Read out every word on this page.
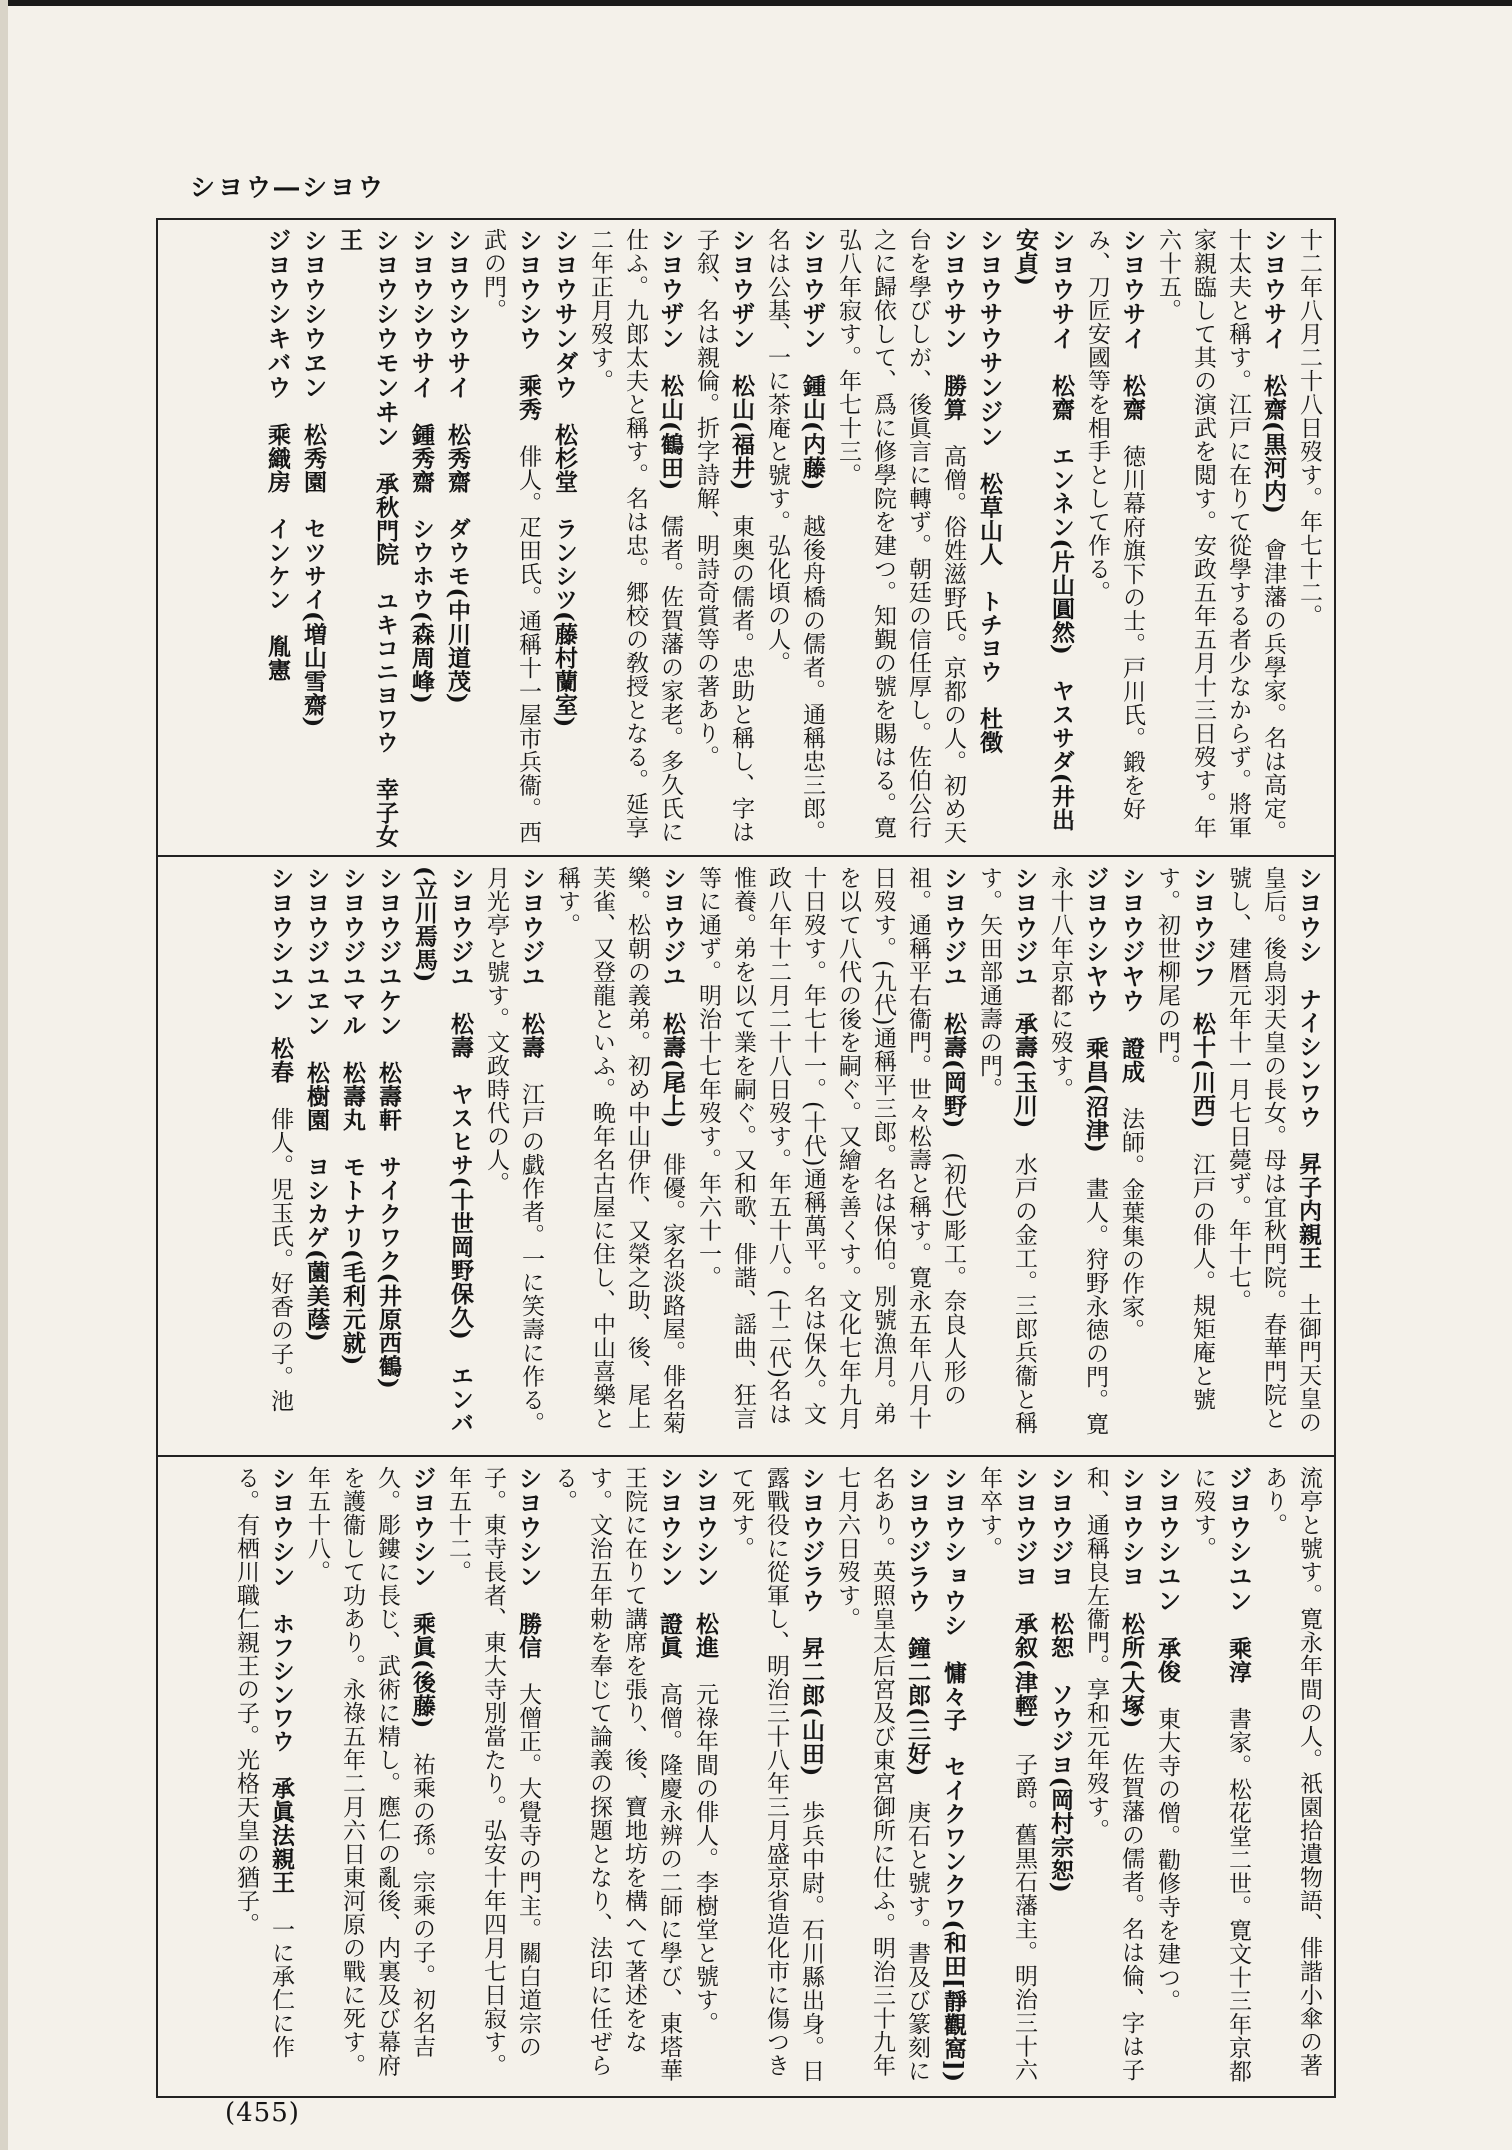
シヨウ―シヨウ

十二年八月二十八日歿す。年七十二。

シヨウサイ　松齋(黒河内)　會津藩の兵學家。名は高定。十太夫と稱す。江戸に在りて從學する者少なからず。將軍家親臨して其の演武を閲す。安政五年五月十三日歿す。年六十五。

シヨウサイ　松齋　徳川幕府旗下の士。戸川氏。鍛を好み、刀匠安國等を相手として作る。

シヨウサイ　松齋　エンネン(片山圓然)　ヤスサダ(井出安貞)　

シヨウサウサンジン　松草山人　トチヨウ　杜徴　

シヨウサン　勝算　高僧。俗姓滋野氏。京都の人。初め天台を學びしが、後眞言に轉ず。朝廷の信任厚し。佐伯公行之に歸依して、爲に修學院を建つ。知覲の號を賜はる。寛弘八年寂す。年七十三。

シヨウザン　鍾山(内藤)　越後舟橋の儒者。通稱忠三郎。名は公基、一に茶庵と號す。弘化頃の人。

シヨウザン　松山(福井)　東奥の儒者。忠助と稱し、字は子叙、名は親倫。折字詩解、明詩奇賞等の著あり。

シヨウザン　松山(鶴田)　儒者。佐賀藩の家老。多久氏に仕ふ。九郎太夫と稱す。名は忠。郷校の敎授となる。延享二年正月歿す。

シヨウサンダウ　松杉堂　ランシツ(藤村蘭室)　

シヨウシウ　乘秀　俳人。疋田氏。通稱十一屋市兵衞。西武の門。

シヨウシウサイ　松秀齋　ダウモ(中川道茂)　

シヨウシウサイ　鍾秀齋　シウホウ(森周峰)　

シヨウシウモンヰン　承秋門院　ユキコニヨワウ　幸子女王　

シヨウシウヱン　松秀園　セツサイ(増山雪齋)　

ジヨウシキバウ　乘織房　インケン　胤憲　

シヨウシ　ナイシンワウ　昇子内親王　土御門天皇の皇后。後鳥羽天皇の長女。母は宜秋門院。春華門院と號し、建暦元年十一月七日薨ず。年十七。

シヨウジフ　松十(川西)　江戸の俳人。規矩庵と號す。初世柳尾の門。

シヨウジヤウ　證成　法師。金葉集の作家。

ジヨウシヤウ　乘昌(沼津)　畫人。狩野永徳の門。寛永十八年京都に歿す。

シヨウジユ　承壽(玉川)　水戸の金工。三郎兵衞と稱す。矢田部通壽の門。

シヨウジユ　松壽(岡野)　(初代)彫工。奈良人形の祖。通稱平右衞門。世々松壽と稱す。寛永五年八月十日歿す。(九代)通稱平三郎。名は保伯。別號漁月。弟を以て八代の後を嗣ぐ。又繪を善くす。文化七年九月十日歿す。年七十一。(十代)通稱萬平。名は保久。文政八年十二月二十八日歿す。年五十八。(十二代)名は惟養。弟を以て業を嗣ぐ。又和歌、俳諧、謡曲、狂言等に通ず。明治十七年歿す。年六十一。

シヨウジユ　松壽(尾上)　俳優。家名淡路屋。俳名菊樂。松朝の義弟。初め中山伊作、又榮之助、後、尾上芙雀、又登龍といふ。晩年名古屋に住し、中山喜樂と稱す。

シヨウジユ　松壽　江戸の戯作者。一に笑壽に作る。月光亭と號す。文政時代の人。

シヨウジユ　松壽　ヤスヒサ(十世岡野保久)　エンバ(立川焉馬)　

シヨウジユケン　松壽軒　サイクワク(井原西鶴)　

シヨウジユマル　松壽丸　モトナリ(毛利元就)　

シヨウジユヱン　松樹園　ヨシカゲ(薗美蔭)　

シヨウシユン　松春　俳人。児玉氏。好香の子。池

流亭と號す。寛永年間の人。祇園拾遺物語、俳諧小傘の著あり。

ジヨウシユン　乘淳　書家。松花堂二世。寛文十三年京都に歿す。

シヨウシユン　承俊　東大寺の僧。勸修寺を建つ。

シヨウシヨ　松所(大塚)　佐賀藩の儒者。名は倫、字は子和、通稱良左衞門。享和元年歿す。

シヨウジヨ　松恕　ソウジヨ(岡村宗恕)　

シヨウジヨ　承叙(津輕)　子爵。舊黒石藩主。明治三十六年卒す。

シヨウショウシ　慵々子　セイクワンクワ(和田[靜觀窩])　

シヨウジラウ　鐘二郎(三好)　庚石と號す。書及び篆刻に名あり。英照皇太后宮及び東宮御所に仕ふ。明治三十九年七月六日歿す。

シヨウジラウ　昇二郎(山田)　歩兵中尉。石川縣出身。日露戰役に從軍し、明治三十八年三月盛京省造化市に傷つきて死す。

シヨウシン　松進　元祿年間の俳人。李樹堂と號す。

シヨウシン　證眞　高僧。隆慶永辨の二師に學び、東塔華王院に在りて講席を張り、後、寶地坊を構へて著述をなす。文治五年勅を奉じて論義の探題となり、法印に任ぜらる。

シヨウシン　勝信　大僧正。大覺寺の門主。關白道宗の子。東寺長者、東大寺別當たり。弘安十年四月七日寂す。年五十二。

ジヨウシン　乘眞(後藤)　祐乘の孫。宗乘の子。初名吉久。彫鏤に長じ、武術に精し。應仁の亂後、内裏及び幕府を護衞して功あり。永祿五年二月六日東河原の戰に死す。年五十八。

シヨウシン　ホフシンワウ　承眞法親王　一に承仁に作る。有栖川職仁親王の子。光格天皇の猶子。

(455)
